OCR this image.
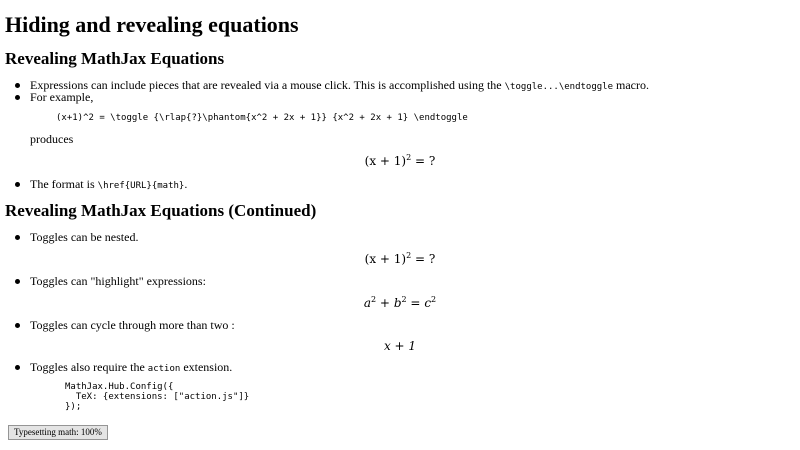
Hiding and revealing equations
Revealing MathJax Equations
Expressions can include pieces that are revealed via a mouse click. This is accomplished using the \toggle...\endtoggle macro.
For example,
(x+1)^2 = \toggle {\rlap{?}\phantom{x^2 + 2x + 1}} {x^2 + 2x + 1} \endtoggle
produces
$(x + 1)^2$ = ?
The format is \href{URL}{math}.
Revealing MathJax Equations (Continued)
Toggles can be nested.
$(x + 1)^2$ = ?
Toggles can "highlight" expressions:
$a^2 + b^2 = c^2$
Toggles can cycle through more than two :
x + 1
Toggles also require the action extension.
MathJax.Hub.Config({
TeX: {extensions: ["action.js"]}
});
Typesetting math: 100%
